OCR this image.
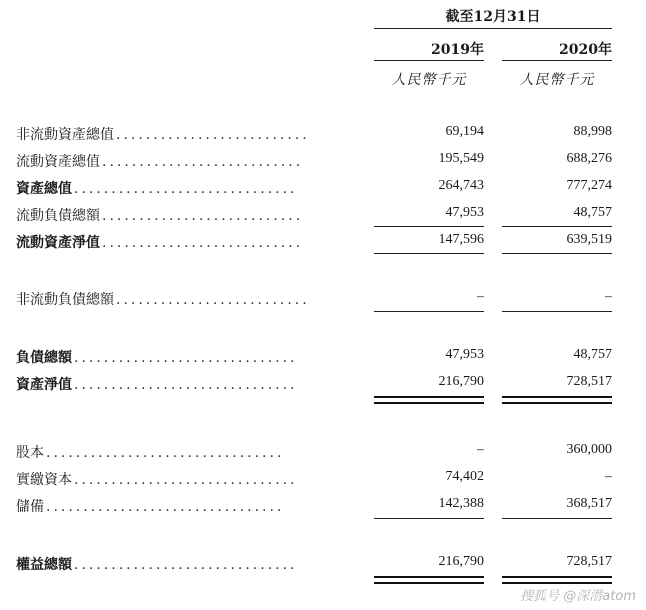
截至12月31日
2019年	2020年
人民幣千元	人民幣千元
非流動資產總值 ..........................	69,194	88,998
流動資產總值 ...........................	195,549	688,276
資產總值 ..............................	264,743	777,274
流動負債總額 ...........................	47,953	48,757
流動資產淨值 ...........................	147,596	639,519
非流動負債總額 ..........................	–	–
負債總額 ..............................	47,953	48,757
資產淨值 ..............................	216,790	728,517
股本 ................................	–	360,000
實繳資本 ..............................	74,402	–
儲備 ................................	142,388	368,517
權益總額 ..............................	216,790	728,517
搜狐号 @深潜atom
